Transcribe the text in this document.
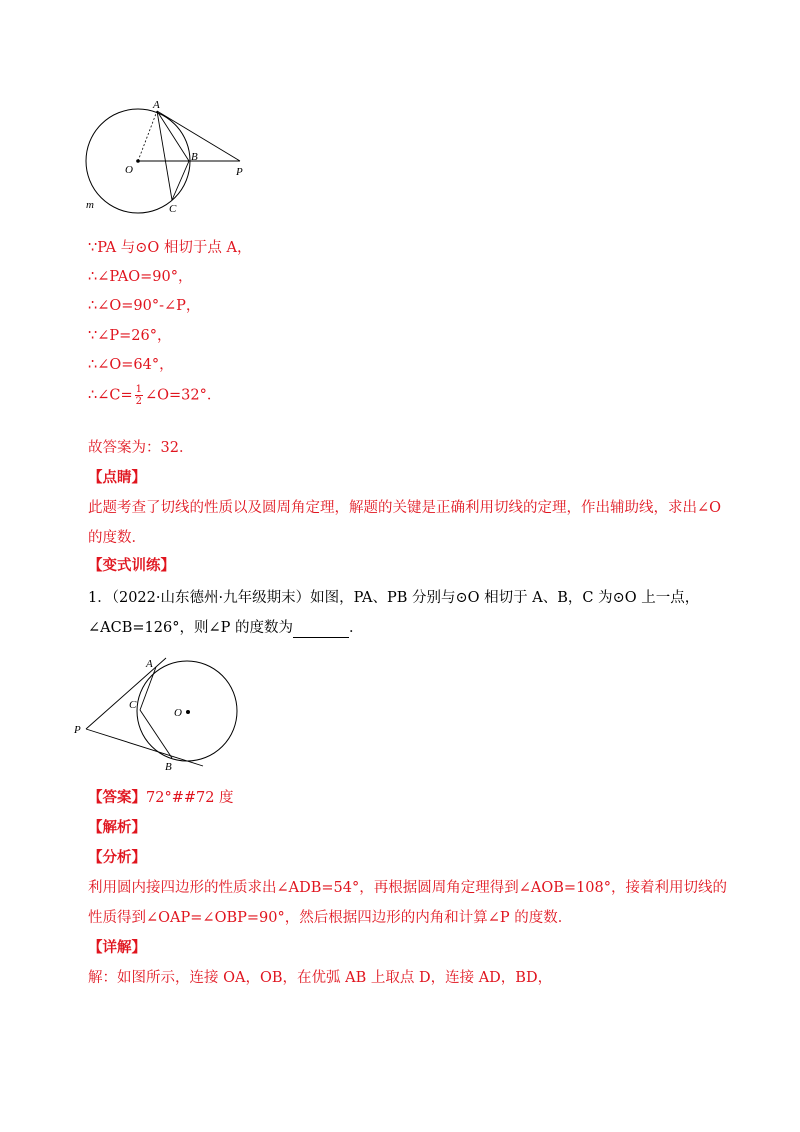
A
B
C
O	P
m
∵PA 与⊙O 相切于点 A，
∴∠PAO=90°，
∴∠O=90°-∠P，
∵∠P=26°，
∴∠O=64°，
∴∠C= $\frac{1}{2}$ ∠O=32°．
故答案为：32．
【点睛】
此题考查了切线的性质以及圆周角定理，解题的关键是正确利用切线的定理，作出辅助线，求出∠O 的度数．
【变式训练】
1．（2022·山东德州·九年级期末）如图，PA、PB 分别与⊙O 相切于 A、B，C 为⊙O 上一点，
∠ACB=126°，则∠P 的度数为	．
A
C
O
P
B
【答案】72°##72 度
【解析】
【分析】
利用圆内接四边形的性质求出∠ADB=54°，再根据圆周角定理得到∠AOB=108°，接着利用切线的性质得到∠OAP=∠OBP=90°，然后根据四边形的内角和计算∠P 的度数．
【详解】
解：如图所示，连接 OA，OB，在优弧 AB 上取点 D，连接 AD，BD，
